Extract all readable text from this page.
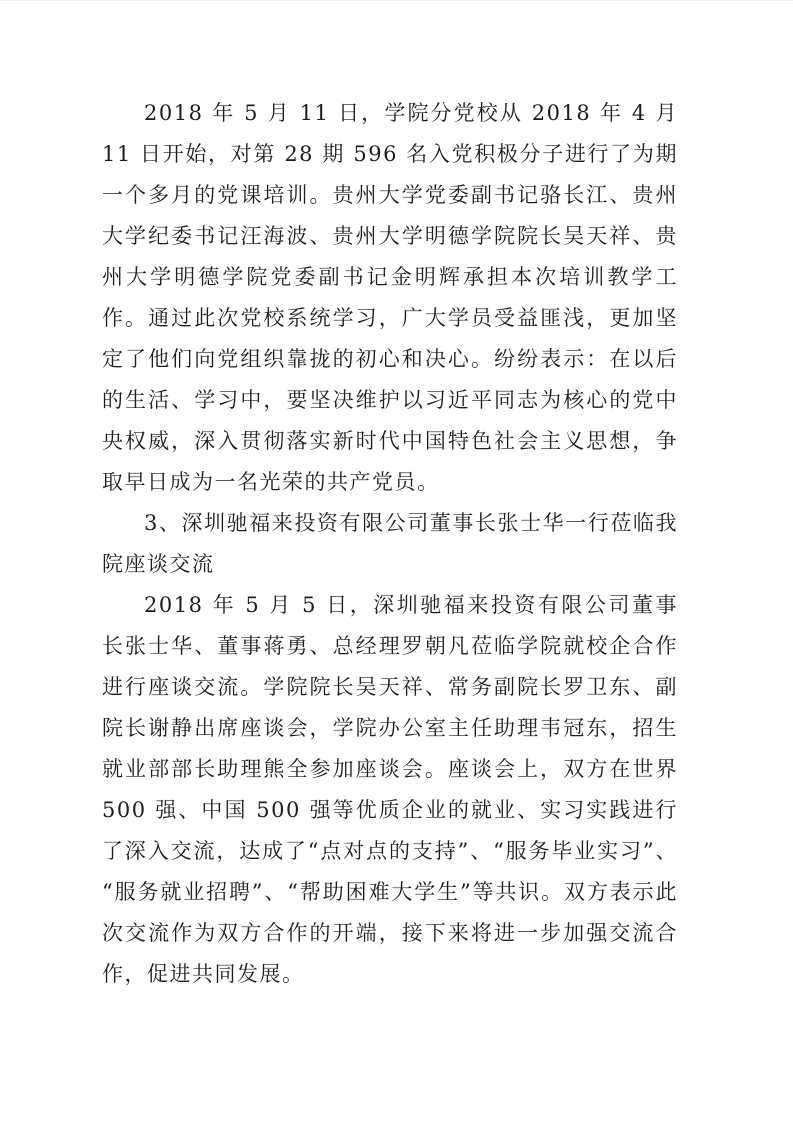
2018 年 5 月 11 日，学院分党校从 2018 年 4 月 11 日开始，对第 28 期 596 名入党积极分子进行了为期一个多月的党课培训。贵州大学党委副书记骆长江、贵州大学纪委书记汪海波、贵州大学明德学院院长吴天祥、贵州大学明德学院党委副书记金明辉承担本次培训教学工作。通过此次党校系统学习，广大学员受益匪浅，更加坚定了他们向党组织靠拢的初心和决心。纷纷表示：在以后的生活、学习中，要坚决维护以习近平同志为核心的党中央权威，深入贯彻落实新时代中国特色社会主义思想，争取早日成为一名光荣的共产党员。

3、深圳驰福来投资有限公司董事长张士华一行莅临我院座谈交流

2018 年 5 月 5 日，深圳驰福来投资有限公司董事长张士华、董事蒋勇、总经理罗朝凡莅临学院就校企合作进行座谈交流。学院院长吴天祥、常务副院长罗卫东、副院长谢静出席座谈会，学院办公室主任助理韦冠东，招生就业部部长助理熊全参加座谈会。座谈会上，双方在世界 500 强、中国 500 强等优质企业的就业、实习实践进行了深入交流，达成了“点对点的支持”、“服务毕业实习”、“服务就业招聘”、“帮助困难大学生”等共识。双方表示此次交流作为双方合作的开端，接下来将进一步加强交流合作，促进共同发展。
